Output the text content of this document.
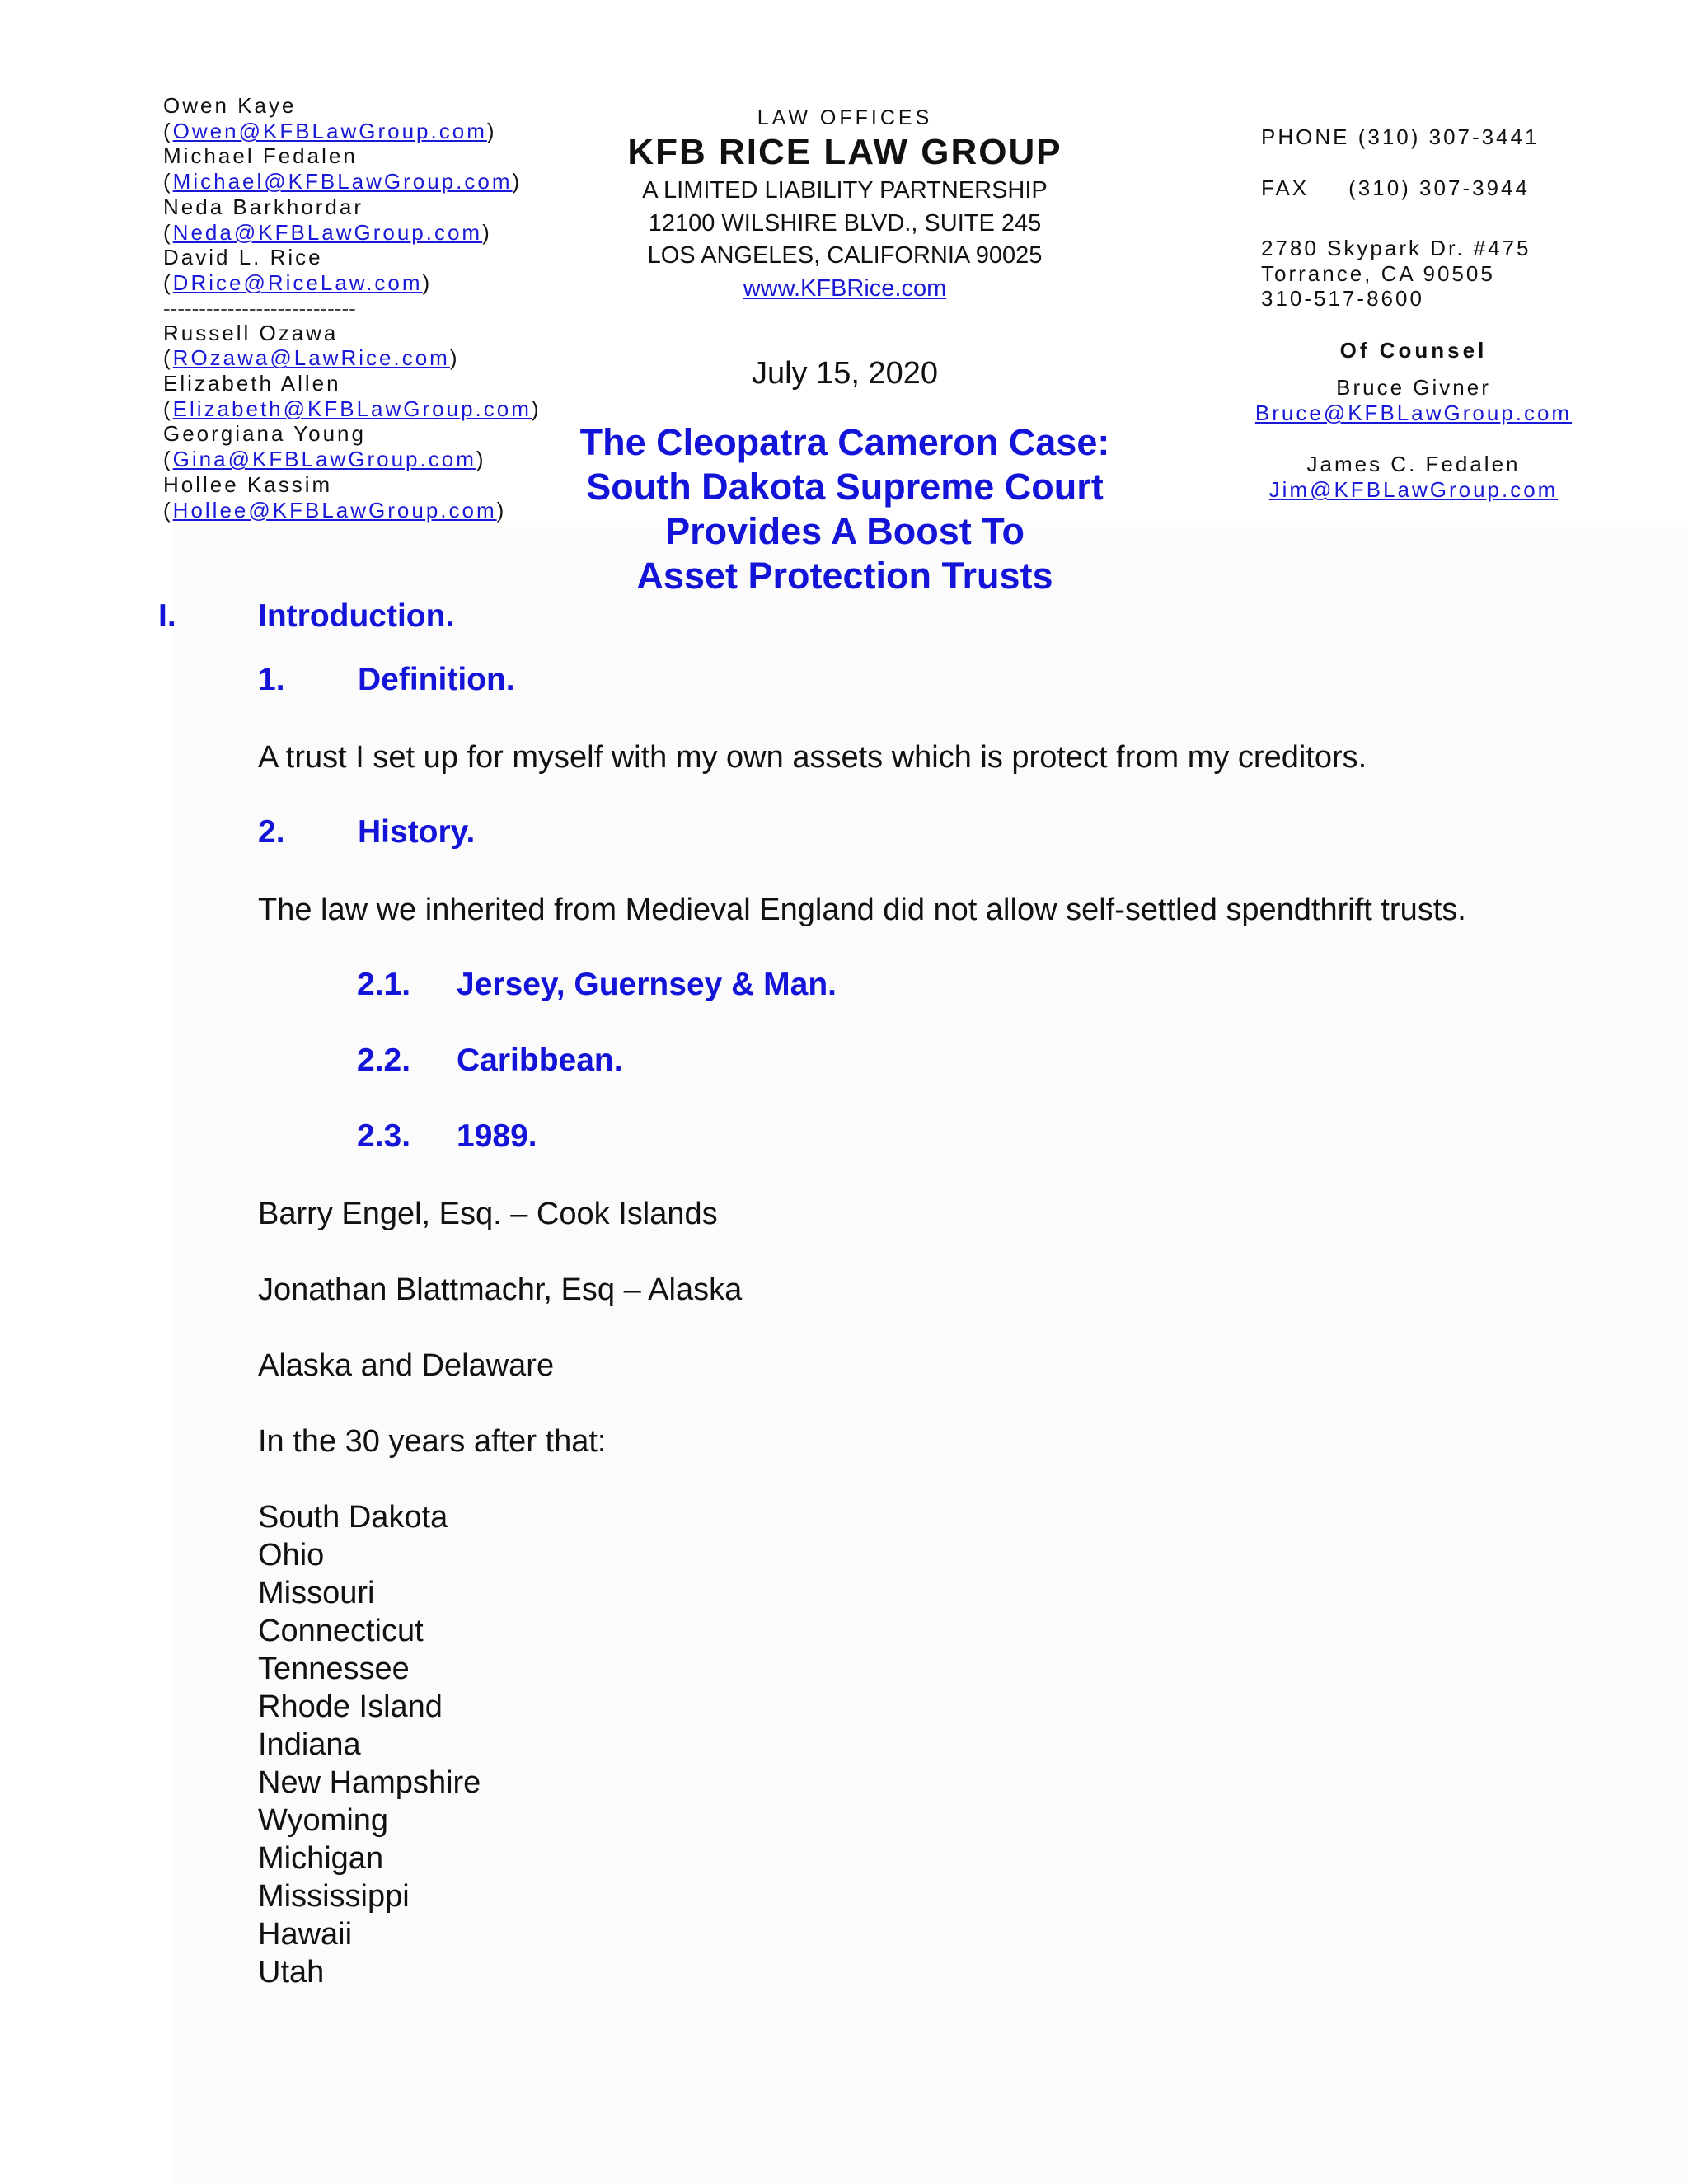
Owen Kaye
(Owen@KFBLawGroup.com)
Michael Fedalen
(Michael@KFBLawGroup.com)
Neda Barkhordar
(Neda@KFBLawGroup.com)
David L. Rice
(DRice@RiceLaw.com)
---------------------------
Russell Ozawa
(ROzawa@LawRice.com)
Elizabeth Allen
(Elizabeth@KFBLawGroup.com)
Georgiana Young
(Gina@KFBLawGroup.com)
Hollee Kassim
(Hollee@KFBLawGroup.com)
LAW OFFICES
KFB RICE LAW GROUP
A LIMITED LIABILITY PARTNERSHIP
12100 WILSHIRE BLVD., SUITE 245
LOS ANGELES, CALIFORNIA 90025
www.KFBRice.com
PHONE (310) 307-3441
FAX (310) 307-3944
2780 Skypark Dr. #475
Torrance, CA 90505
310-517-8600
Of Counsel
Bruce Givner
Bruce@KFBLawGroup.com
James C. Fedalen
Jim@KFBLawGroup.com
July 15, 2020
The Cleopatra Cameron Case:
South Dakota Supreme Court
Provides A Boost To
Asset Protection Trusts
I.	Introduction.
1. Definition.
A trust I set up for myself with my own assets which is protect from my creditors.
2. History.
The law we inherited from Medieval England did not allow self-settled spendthrift trusts.
2.1. Jersey, Guernsey & Man.
2.2. Caribbean.
2.3. 1989.
Barry Engel, Esq. – Cook Islands
Jonathan Blattmachr, Esq – Alaska
Alaska and Delaware
In the 30 years after that:
South Dakota
Ohio
Missouri
Connecticut
Tennessee
Rhode Island
Indiana
New Hampshire
Wyoming
Michigan
Mississippi
Hawaii
Utah
